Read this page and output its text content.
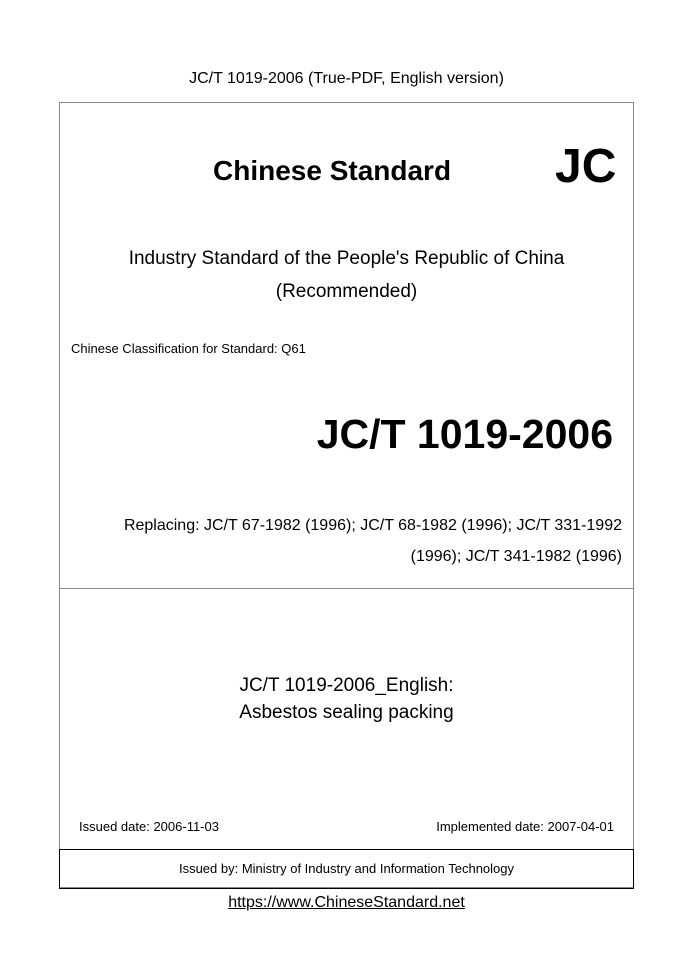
JC/T 1019-2006 (True-PDF, English version)
Chinese Standard JC
Industry Standard of the People's Republic of China
(Recommended)
Chinese Classification for Standard: Q61
JC/T 1019-2006
Replacing: JC/T 67-1982 (1996); JC/T 68-1982 (1996); JC/T 331-1992
(1996); JC/T 341-1982 (1996)
JC/T 1019-2006_English:
Asbestos sealing packing
Issued date: 2006-11-03	Implemented date: 2007-04-01
Issued by: Ministry of Industry and Information Technology
https://www.ChineseStandard.net
